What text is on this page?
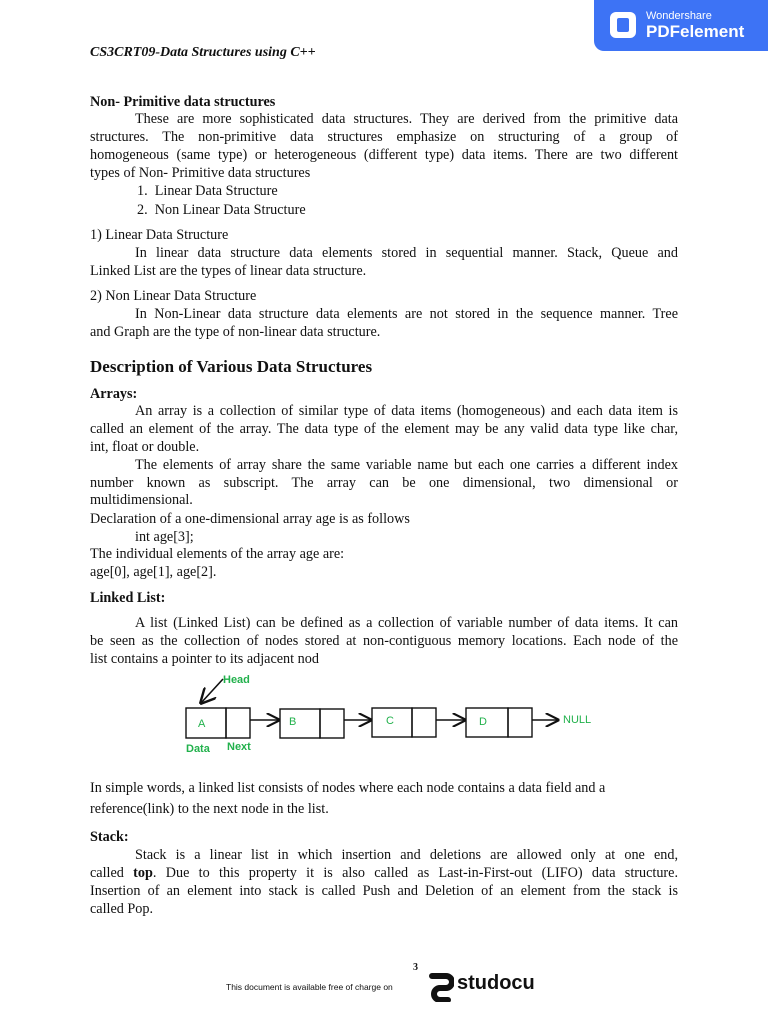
CS3CRT09-Data Structures using C++
Wondershare
PDFelement
Non- Primitive data structures
These are more sophisticated data structures. They are derived from the primitive data
structures. The non-primitive data structures emphasize on structuring of a group of
homogeneous (same type) or heterogeneous (different type) data items. There are two different
types of Non- Primitive data structures
1.  Linear Data Structure
2.  Non Linear Data Structure
1) Linear Data Structure
In linear data structure data elements stored in sequential manner. Stack, Queue and
Linked List are the types of linear data structure.
2) Non Linear Data Structure
In Non-Linear data structure data elements are not stored in the sequence manner. Tree
and Graph are the type of non-linear data structure.
Description of Various Data Structures
Arrays:
An array is a collection of similar type of data items (homogeneous) and each data item is
called an element of the array. The data type of the element may be any valid data type like char,
int, float or double.
The elements of array share the same variable name but each one carries a different index
number known as subscript. The array can be one dimensional, two dimensional or
multidimensional.
Declaration of a one-dimensional array age is as follows
int age[3];
The individual elements of the array age are:
age[0], age[1], age[2].
Linked List:
A list (Linked List) can be defined as a collection of variable number of data items. It can
be seen as the collection of nodes stored at non-contiguous memory locations. Each node of the
list contains a pointer to its adjacent nod
Head
A	B	C	D	NULL
Data Next
In simple words, a linked list consists of nodes where each node contains a data field and a
reference(link) to the next node in the list.
Stack:
Stack is a linear list in which insertion and deletions are allowed only at one end,
called top. Due to this property it is also called as Last-in-First-out (LIFO) data structure.
Insertion of an element into stack is called Push and Deletion of an element from the stack is
called Pop.
3
This document is available free of charge on	studocu
